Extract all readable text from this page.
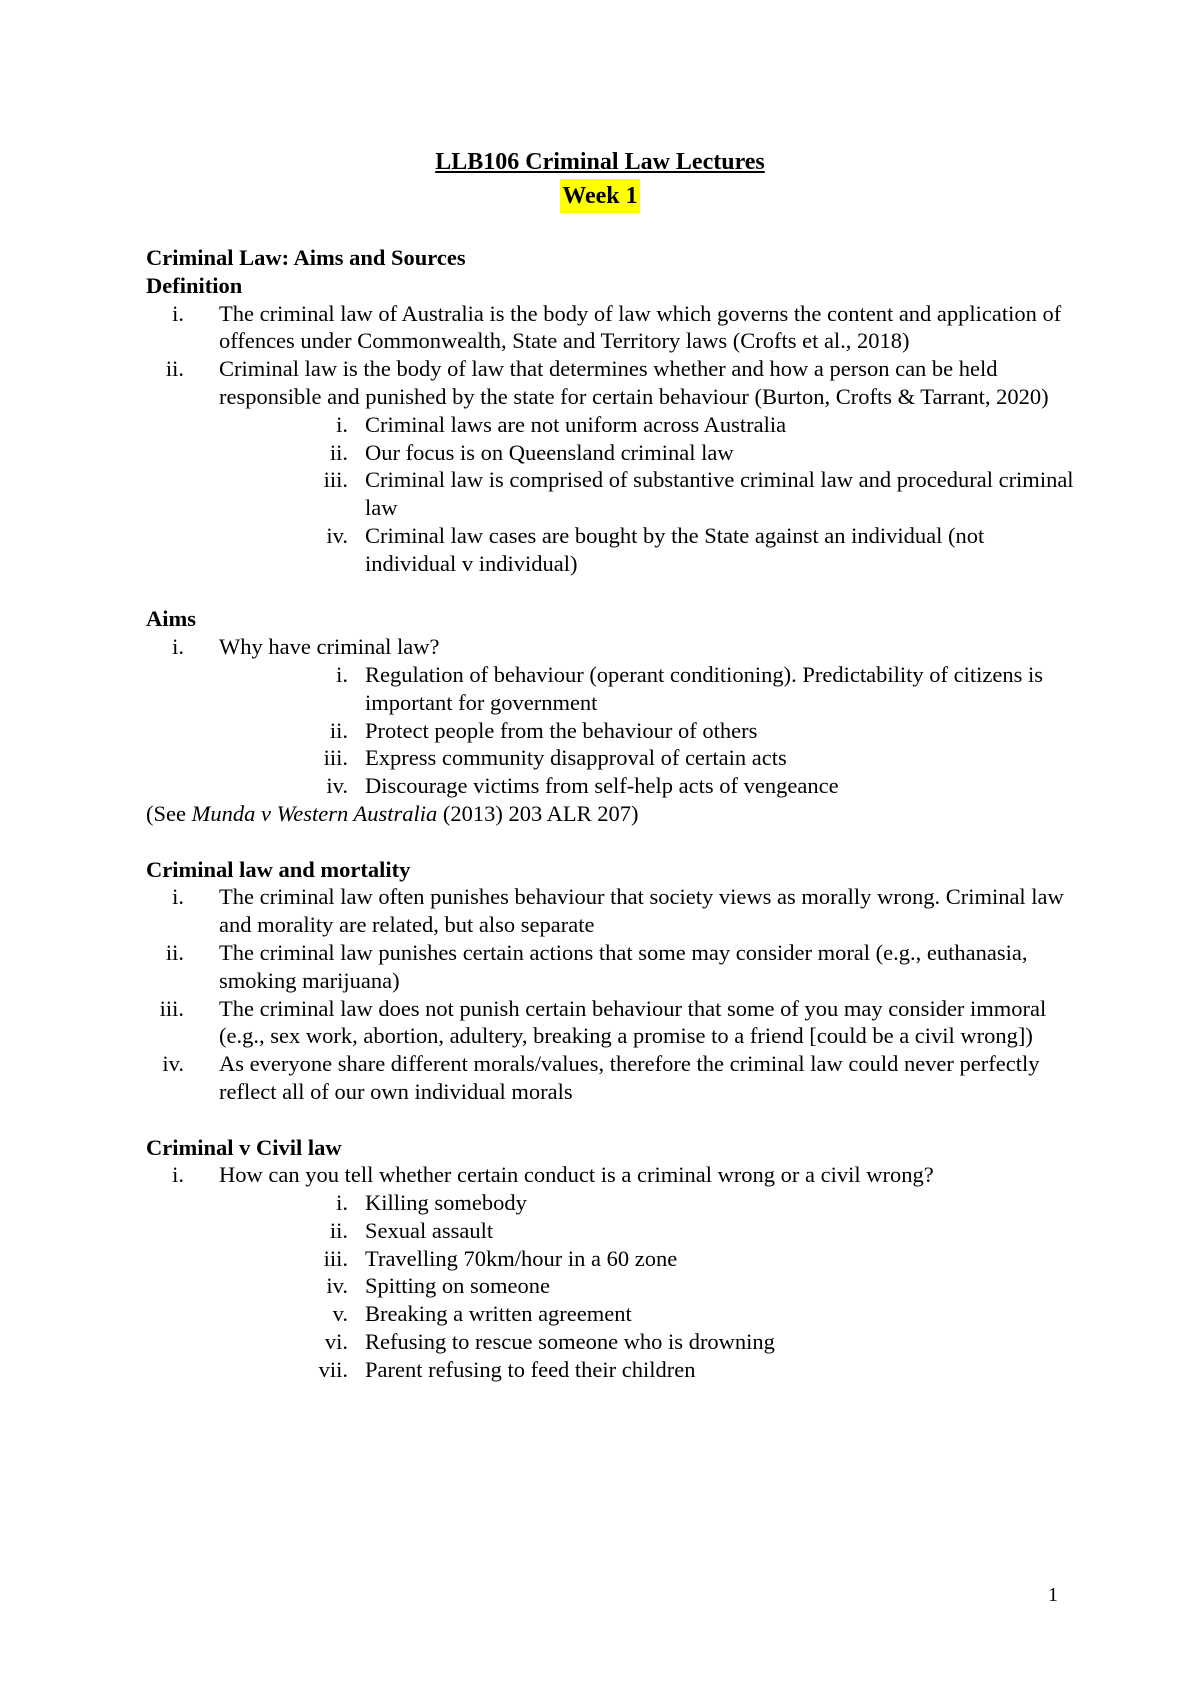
LLB106 Criminal Law Lectures
Week 1
Criminal Law: Aims and Sources
Definition
i. The criminal law of Australia is the body of law which governs the content and application of offences under Commonwealth, State and Territory laws (Crofts et al., 2018)
ii. Criminal law is the body of law that determines whether and how a person can be held responsible and punished by the state for certain behaviour (Burton, Crofts & Tarrant, 2020)
i. Criminal laws are not uniform across Australia
ii. Our focus is on Queensland criminal law
iii. Criminal law is comprised of substantive criminal law and procedural criminal law
iv. Criminal law cases are bought by the State against an individual (not individual v individual)
Aims
i. Why have criminal law?
i. Regulation of behaviour (operant conditioning). Predictability of citizens is important for government
ii. Protect people from the behaviour of others
iii. Express community disapproval of certain acts
iv. Discourage victims from self-help acts of vengeance
(See Munda v Western Australia (2013) 203 ALR 207)
Criminal law and mortality
i. The criminal law often punishes behaviour that society views as morally wrong. Criminal law and morality are related, but also separate
ii. The criminal law punishes certain actions that some may consider moral (e.g., euthanasia, smoking marijuana)
iii. The criminal law does not punish certain behaviour that some of you may consider immoral (e.g., sex work, abortion, adultery, breaking a promise to a friend [could be a civil wrong])
iv. As everyone share different morals/values, therefore the criminal law could never perfectly reflect all of our own individual morals
Criminal v Civil law
i. How can you tell whether certain conduct is a criminal wrong or a civil wrong?
i. Killing somebody
ii. Sexual assault
iii. Travelling 70km/hour in a 60 zone
iv. Spitting on someone
v. Breaking a written agreement
vi. Refusing to rescue someone who is drowning
vii. Parent refusing to feed their children
1
